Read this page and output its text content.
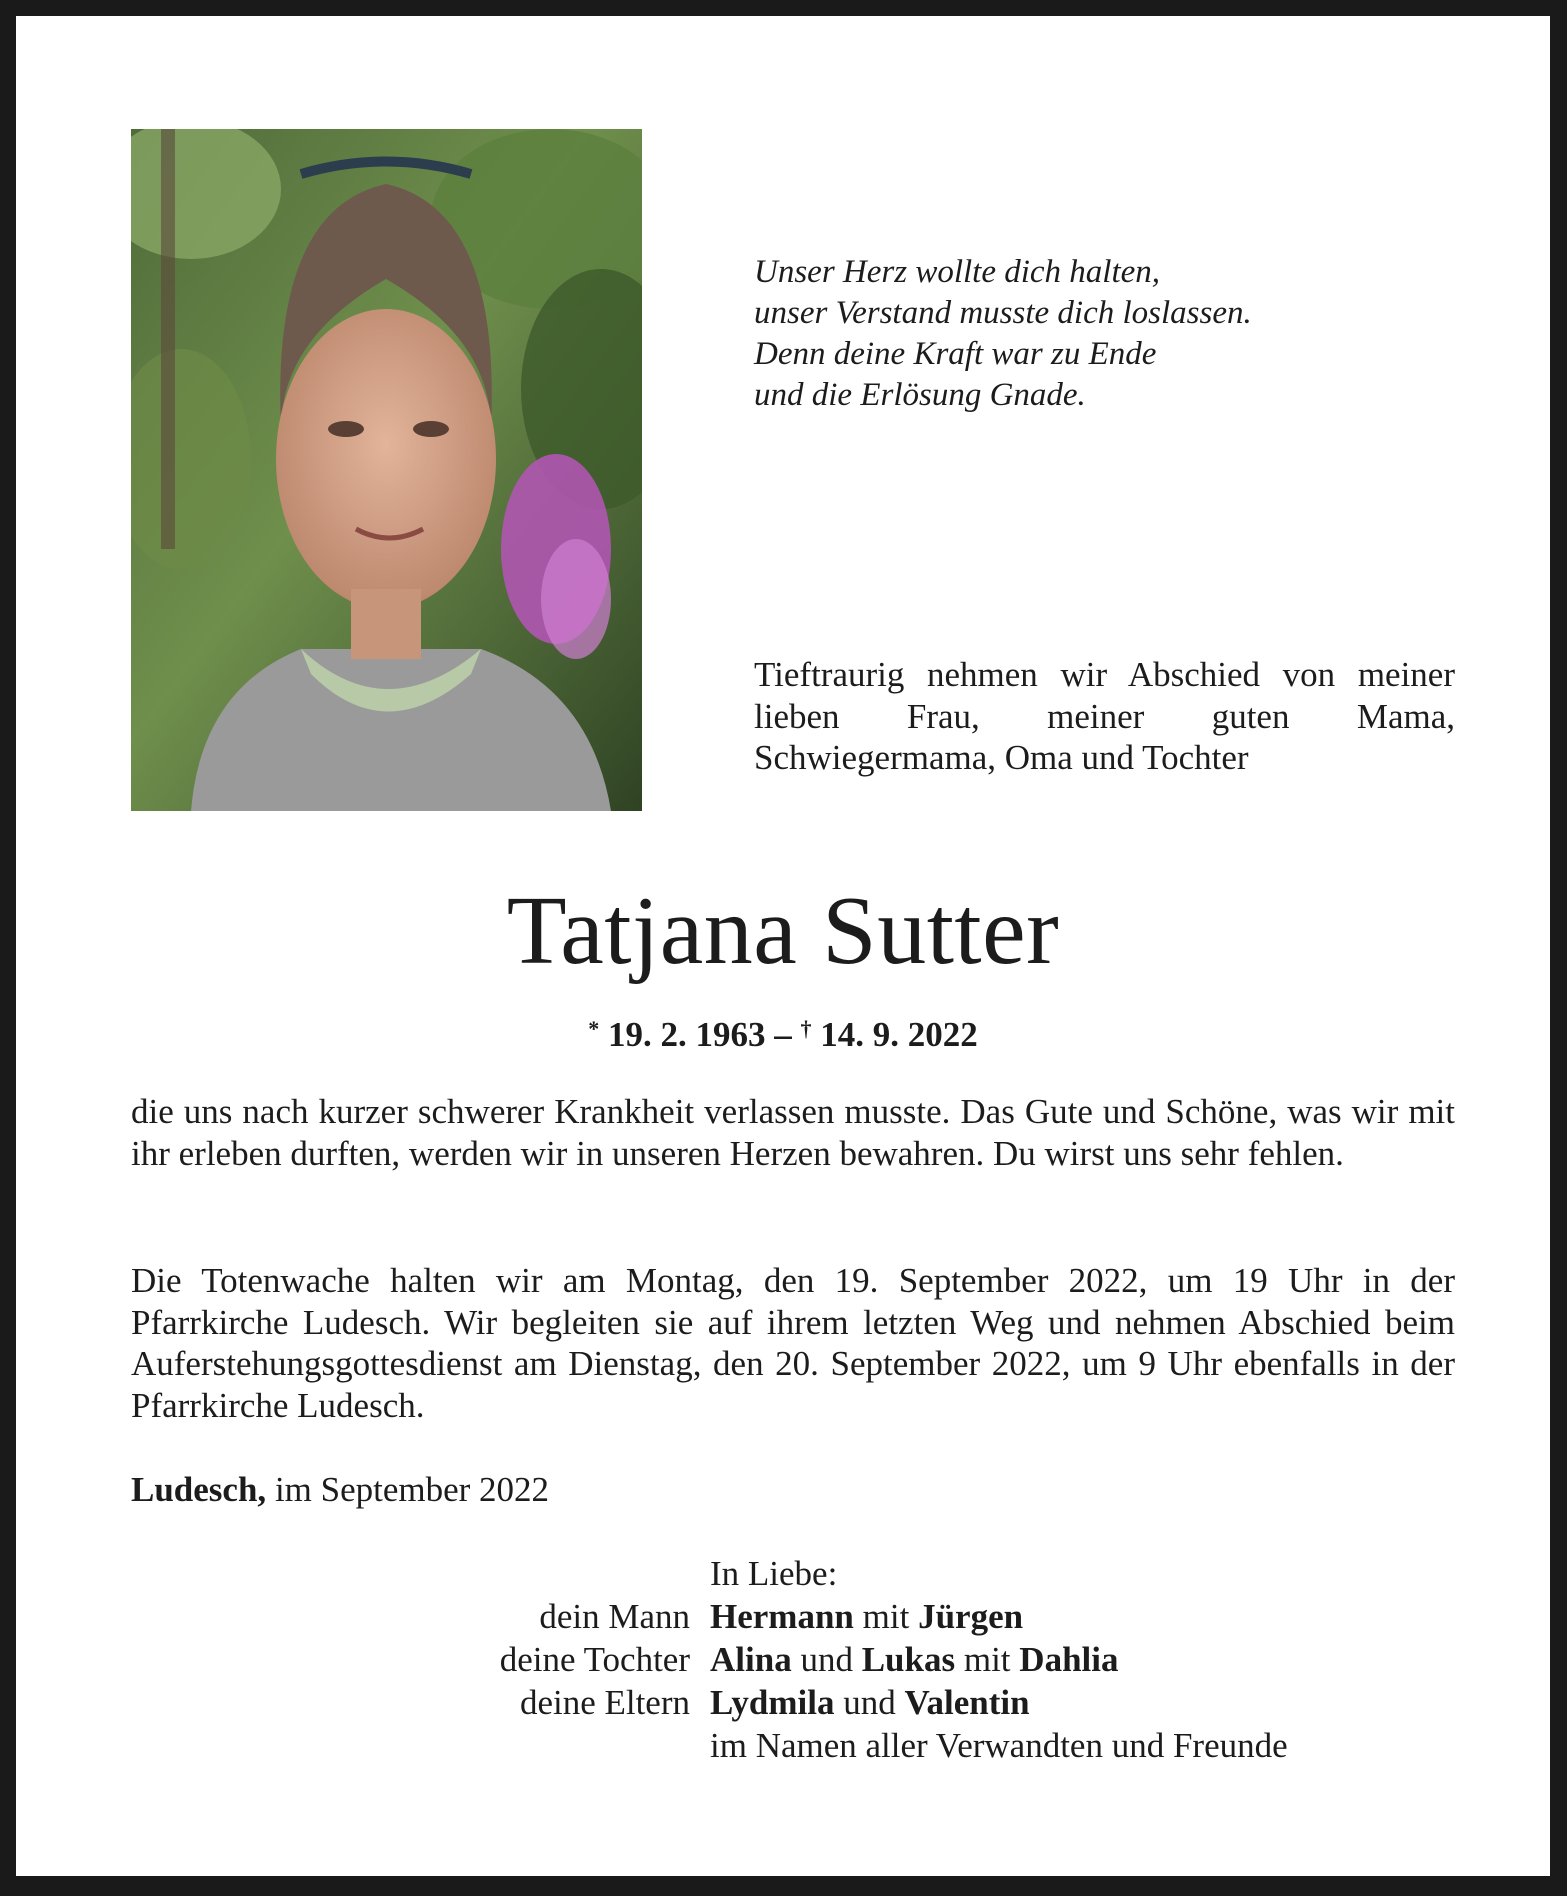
Unser Herz wollte dich halten,
unser Verstand musste dich loslassen.
Denn deine Kraft war zu Ende
und die Erlösung Gnade.
Tieftraurig nehmen wir Abschied von meiner lieben Frau, meiner guten Mama, Schwiegermama, Oma und Tochter
Tatjana Sutter
* 19. 2. 1963 – † 14. 9. 2022
die uns nach kurzer schwerer Krankheit verlassen musste. Das Gute und Schöne, was wir mit ihr erleben durften, werden wir in unseren Herzen bewahren. Du wirst uns sehr fehlen.
Die Totenwache halten wir am Montag, den 19. September 2022, um 19 Uhr in der Pfarrkirche Ludesch. Wir begleiten sie auf ihrem letzten Weg und nehmen Abschied beim Auferstehungsgottesdienst am Dienstag, den 20. September 2022, um 9 Uhr ebenfalls in der Pfarrkirche Ludesch.
Ludesch, im September 2022
In Liebe:
dein Mann Hermann mit Jürgen
deine Tochter Alina und Lukas mit Dahlia
deine Eltern Lydmila und Valentin
im Namen aller Verwandten und Freunde
